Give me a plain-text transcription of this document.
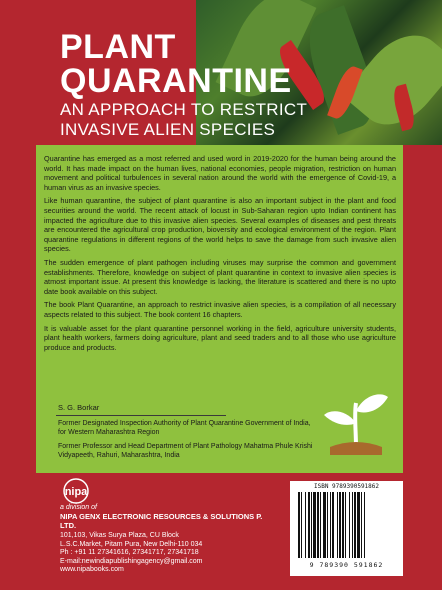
PLANT
QUARANTINE
AN APPROACH TO RESTRICT
INVASIVE ALIEN SPECIES

Quarantine has emerged as a most referred and used word in 2019-2020 for the human being around the world. It has made impact on the human lives, national economies, people migration, restriction on human movement and political turbulences in several nation around the world with the emergence of Covid-19, a human virus as an invasive species.

Like human quarantine, the subject of plant quarantine is also an important subject in the plant and food securities around the world. The recent attack of locust in Sub-Saharan region upto Indian continent has impacted the agriculture due to this invasive alien species. Several examples of diseases and pest threats are encountered the agricultural crop production, bioversity and ecological environment of the region. Plant quarantine regulations in different regions of the world helps to save the damage from such invasive alien species.

The sudden emergence of plant pathogen including viruses may surprise the common and government establishments. Therefore, knowledge on subject of plant quarantine in context to invasive alien species is atmost important issue. At present this knowledge is lacking, the literature is scattered and there is no upto date book available on this subject.

The book Plant Quarantine, an approach to restrict invasive alien species, is a compilation of all necessary aspects related to this subject. The book content 16 chapters.

It is valuable asset for the plant quarantine personnel working in the field, agriculture university students, plant health workers, farmers doing agriculture, plant and seed traders and to all those who use agriculture produce and products.

S. G. Borkar
Former Designated Inspection Authority of Plant Quarantine Government of India, for Western Maharashtra Region
Former Professor and Head Department of Plant Pathology Mahatma Phule Krishi Vidyapeeth, Rahuri, Maharashtra, India
nipa
a division of
NIPA GENX ELECTRONIC RESOURCES & SOLUTIONS P. LTD.
101,103, Vikas Surya Plaza, CU Block
L.S.C.Market, Pitam Pura, New Delhi-110 034
Ph : +91 11 27341616, 27341717, 27341718
E-mail:newindiapublishingagency@gmail.com
www.nipabooks.com
ISBN 9789390591862
9 789390 591862
